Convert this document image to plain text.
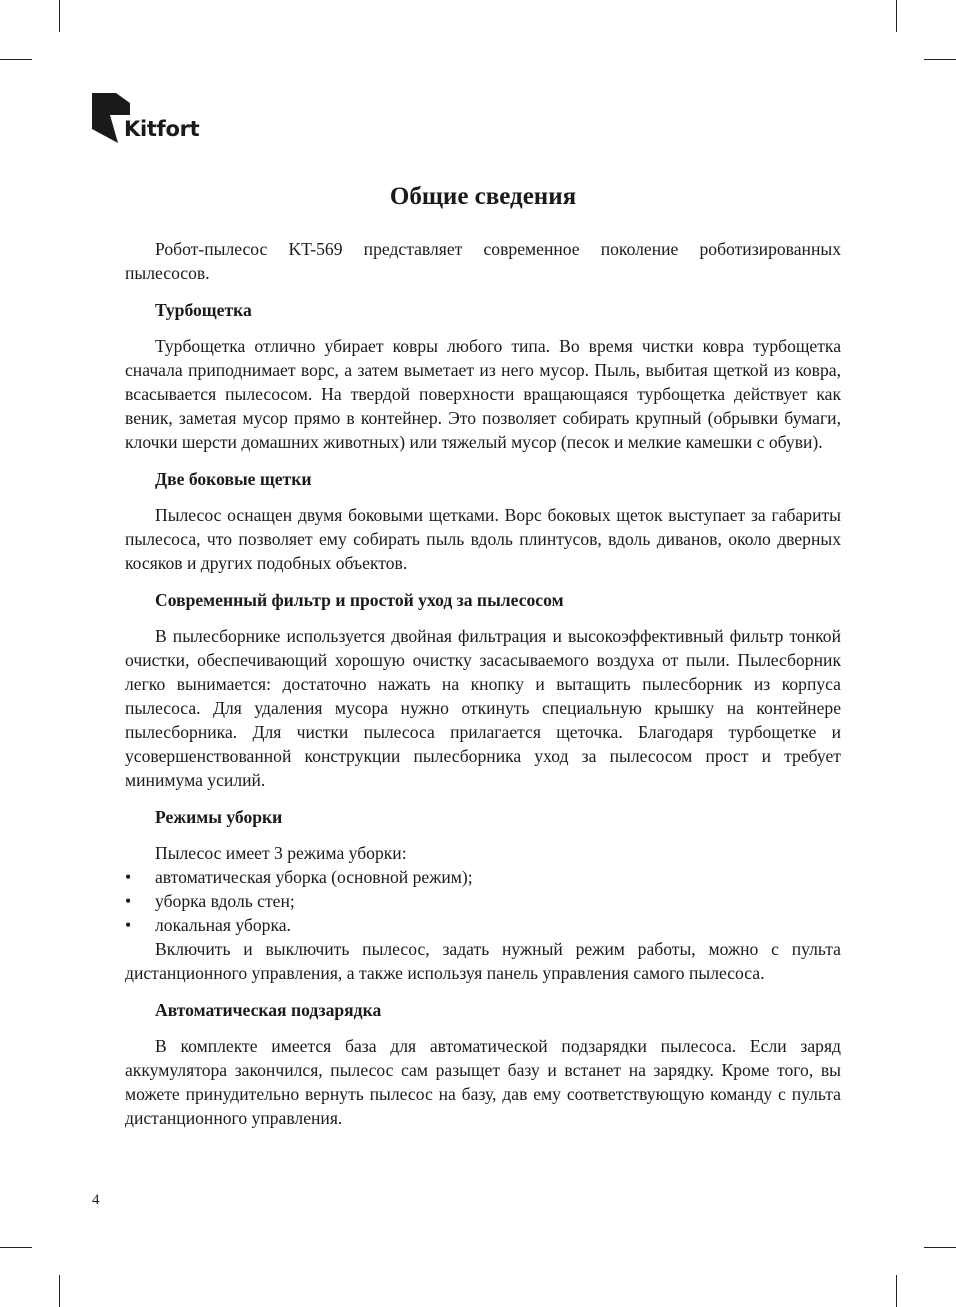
Kitfort
Общие сведения

Робот-пылесос KT-569 представляет современное поколение роботизированных пылесосов.

Турбощетка

Турбощетка отлично убирает ковры любого типа. Во время чистки ковра турбощетка сначала приподнимает ворс, а затем выметает из него мусор. Пыль, выбитая щеткой из ковра, всасывается пылесосом. На твердой поверхности вращающаяся турбощетка действует как веник, заметая мусор прямо в контейнер. Это позволяет собирать крупный (обрывки бумаги, клочки шерсти домашних животных) или тяжелый мусор (песок и мелкие камешки с обуви).

Две боковые щетки

Пылесос оснащен двумя боковыми щетками. Ворс боковых щеток выступает за габариты пылесоса, что позволяет ему собирать пыль вдоль плинтусов, вдоль диванов, около дверных косяков и других подобных объектов.

Современный фильтр и простой уход за пылесосом

В пылесборнике используется двойная фильтрация и высокоэффективный фильтр тонкой очистки, обеспечивающий хорошую очистку засасываемого воздуха от пыли. Пылесборник легко вынимается: достаточно нажать на кнопку и вытащить пылесборник из корпуса пылесоса. Для удаления мусора нужно откинуть специальную крышку на контейнере пылесборника. Для чистки пылесоса прилагается щеточка. Благодаря турбощетке и усовершенствованной конструкции пылесборника уход за пылесосом прост и требует минимума усилий.

Режимы уборки

Пылесос имеет 3 режима уборки:

• автоматическая уборка (основной режим);
• уборка вдоль стен;
• локальная уборка.

Включить и выключить пылесос, задать нужный режим работы, можно с пульта дистанционного управления, а также используя панель управления самого пылесоса.

Автоматическая подзарядка

В комплекте имеется база для автоматической подзарядки пылесоса. Если заряд аккумулятора закончился, пылесос сам разыщет базу и встанет на зарядку. Кроме того, вы можете принудительно вернуть пылесос на базу, дав ему соответствующую команду с пульта дистанционного управления.

4
